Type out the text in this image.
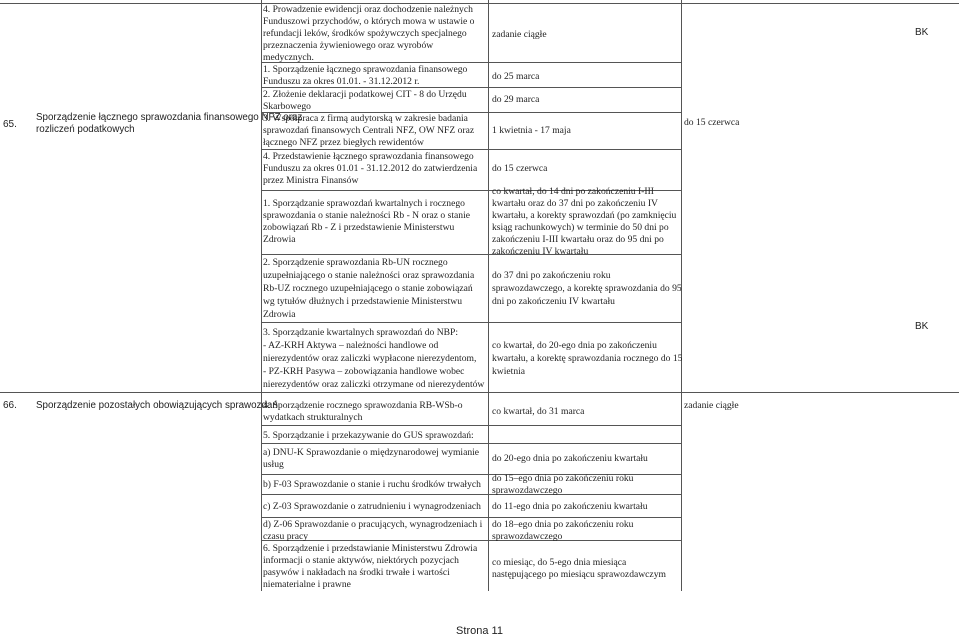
65.
Sporządzenie łącznego sprawozdania finansowego NFZ oraz
rozliczeń podatkowych
4. Prowadzenie ewidencji oraz dochodzenie należnych
Funduszowi przychodów, o których mowa w ustawie o
refundacji leków, środków spożywczych specjalnego
przeznaczenia żywieniowego oraz wyrobów
medycznych.
zadanie ciągłe
1. Sporządzenie łącznego sprawozdania finansowego
Funduszu za okres 01.01. - 31.12.2012 r.	do 25 marca
2. Złożenie deklaracji podatkowej CIT - 8 do Urzędu
Skarbowego
do 29 marca
3. Współpraca z firmą audytorską w zakresie badania
sprawozdań finansowych Centrali NFZ, OW NFZ oraz
łącznego NFZ przez biegłych rewidentów
1 kwietnia - 17 maja
4. Przedstawienie łącznego sprawozdania finansowego
Funduszu za okres 01.01 - 31.12.2012 do zatwierdzenia
przez Ministra Finansów
do 15 czerwca
1. Sporządzanie sprawozdań kwartalnych i rocznego
sprawozdania o stanie należności Rb - N oraz o stanie
zobowiązań Rb - Z i przedstawienie Ministerstwu
Zdrowia
co kwartał, do 14 dni po zakończeniu I-III
kwartału oraz do 37 dni po zakończeniu IV
kwartału, a korekty sprawozdań (po zamknięciu
ksiąg rachunkowych) w terminie do 50 dni po
zakończeniu I-III kwartału oraz do 95 dni po
zakończeniu IV kwartału
2. Sporządzenie sprawozdania Rb-UN rocznego
uzupełniającego o stanie należności oraz sprawozdania
Rb-UZ rocznego uzupełniającego o stanie zobowiązań
wg tytułów dłużnych i przedstawienie Ministerstwu
Zdrowia
do 37 dni po zakończeniu roku
sprawozdawczego, a korektę sprawozdania do 95
dni po zakończeniu IV kwartału
3. Sporządzanie kwartalnych sprawozdań do NBP:
- AZ-KRH Aktywa – należności handlowe od
nierezydentów oraz zaliczki wypłacone nierezydentom,
- PZ-KRH Pasywa – zobowiązania handlowe wobec
nierezydentów oraz zaliczki otrzymane od nierezydentów
co kwartał, do 20-ego dnia po zakończeniu
kwartału, a korektę sprawozdania rocznego do 15
kwietnia
do 15 czerwca
BK
BK
66. Sporządzenie pozostałych obowiązujących sprawozdań
4. Sporządzenie rocznego sprawozdania RB-WSb-o
wydatkach strukturalnych
co kwartał, do 31 marca
5. Sporządzanie i przekazywanie do GUS sprawozdań:
a) DNU-K Sprawozdanie o międzynarodowej wymianie
usług
do 20-ego dnia po zakończeniu kwartału
b) F-03 Sprawozdanie o stanie i ruchu środków trwałych
do 15–ego dnia po zakończeniu roku
sprawozdawczego
c) Z-03 Sprawozdanie o zatrudnieniu i wynagrodzeniach do 11-ego dnia po zakończeniu kwartału
d) Z-06 Sprawozdanie o pracujących, wynagrodzeniach i
czasu pracy
do 18–ego dnia po zakończeniu roku
sprawozdawczego
6. Sporządzenie i przedstawianie Ministerstwu Zdrowia
informacji o stanie aktywów, niektórych pozycjach
pasywów i nakładach na środki trwałe i wartości
niematerialne i prawne
co miesiąc, do 5-ego dnia miesiąca
następującego po miesiącu sprawozdawczym
zadanie ciągłe
Strona 11
